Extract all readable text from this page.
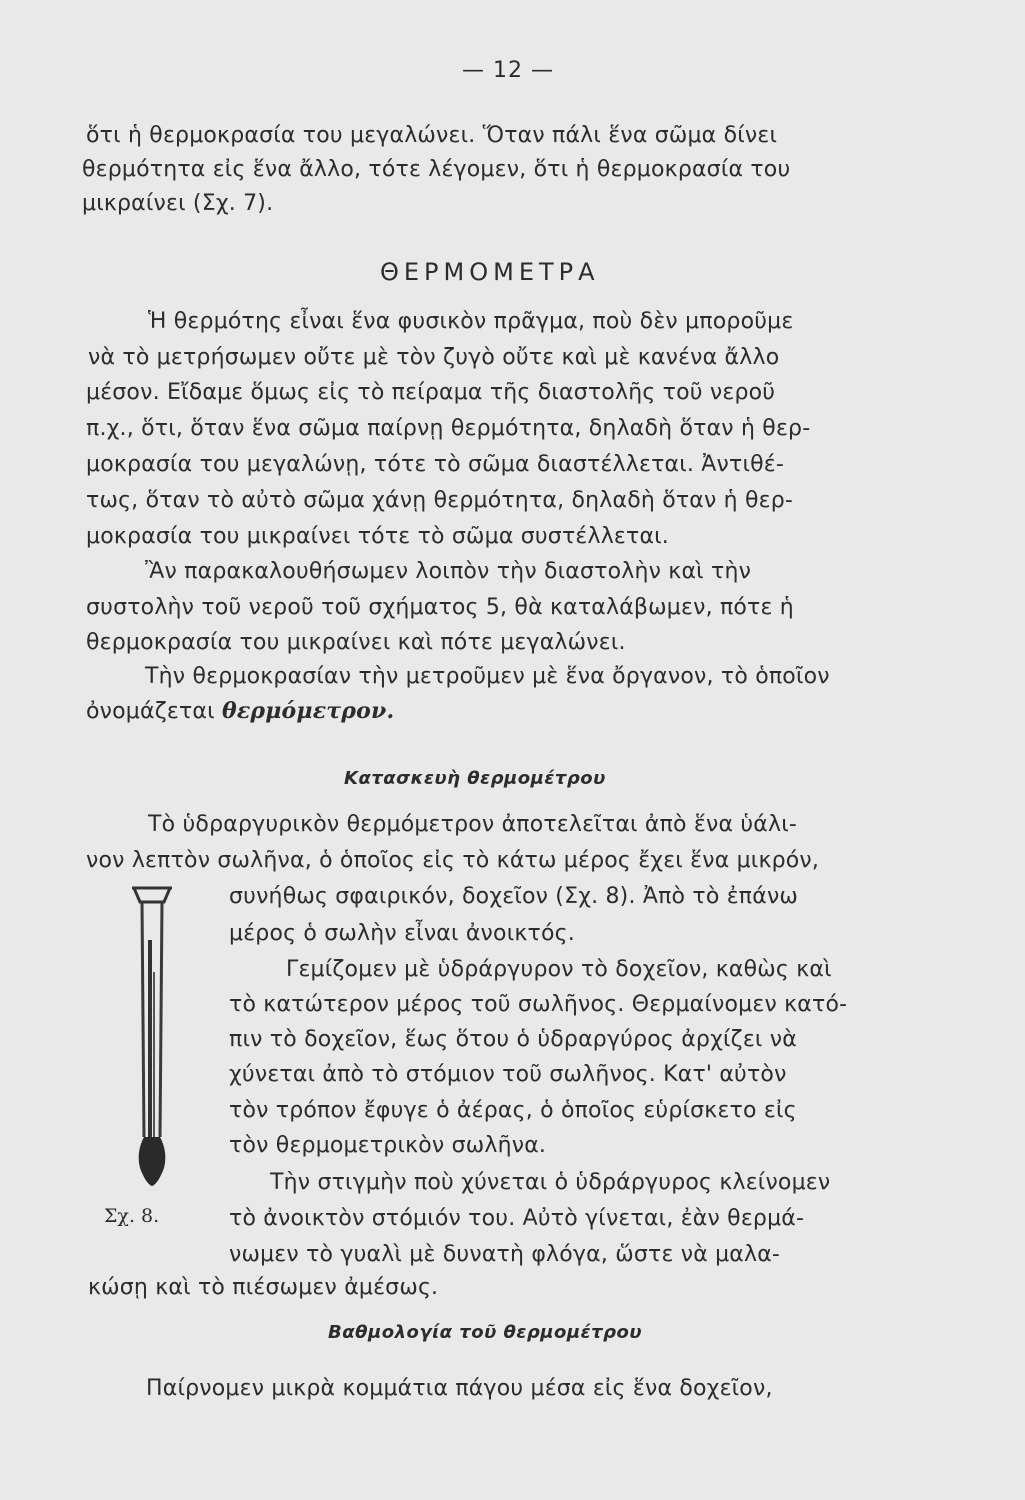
— 12 —
ὅτι ἡ θερμοκρασία του μεγαλώνει. Ὅταν πάλι ἕνα σῶμα δίνει
θερμότητα εἰς ἕνα ἄλλο, τότε λέγομεν, ὅτι ἡ θερμοκρασία του
μικραίνει (Σχ. 7).
ΘΕΡΜΟΜΕΤΡΑ
Ἡ θερμότης εἶναι ἕνα φυσικὸν πρᾶγμα, ποὺ δὲν μποροῦμε
νὰ τὸ μετρήσωμεν οὔτε μὲ τὸν ζυγὸ οὔτε καὶ μὲ κανένα ἄλλο
μέσον. Εἴδαμε ὅμως εἰς τὸ πείραμα τῆς διαστολῆς τοῦ νεροῦ
π.χ., ὅτι, ὅταν ἕνα σῶμα παίρνῃ θερμότητα, δηλαδὴ ὅταν ἡ θερ-
μοκρασία του μεγαλώνῃ, τότε τὸ σῶμα διαστέλλεται. Ἀντιθέ-
τως, ὅταν τὸ αὐτὸ σῶμα χάνῃ θερμότητα, δηλαδὴ ὅταν ἡ θερ-
μοκρασία του μικραίνει τότε τὸ σῶμα συστέλλεται.
Ἂν παρακαλουθήσωμεν λοιπὸν τὴν διαστολὴν καὶ τὴν
συστολὴν τοῦ νεροῦ τοῦ σχήματος 5, θὰ καταλάβωμεν, πότε ἡ
θερμοκρασία του μικραίνει καὶ πότε μεγαλώνει.
Τὴν θερμοκρασίαν τὴν μετροῦμεν μὲ ἕνα ὄργανον, τὸ ὁποῖον
ὀνομάζεται θερμόμετρον.
Κατασκευὴ θερμομέτρου
Τὸ ὑδραργυρικὸν θερμόμετρον ἀποτελεῖται ἀπὸ ἕνα ὑάλι-
νον λεπτὸν σωλῆνα, ὁ ὁποῖος εἰς τὸ κάτω μέρος ἔχει ἕνα μικρόν,
συνήθως σφαιρικόν, δοχεῖον (Σχ. 8). Ἀπὸ τὸ ἐπάνω
μέρος ὁ σωλὴν εἶναι ἀνοικτός.
Γεμίζομεν μὲ ὑδράργυρον τὸ δοχεῖον, καθὼς καὶ
τὸ κατώτερον μέρος τοῦ σωλῆνος. Θερμαίνομεν κατό-
πιν τὸ δοχεῖον, ἕως ὅτου ὁ ὑδραργύρος ἀρχίζει νὰ
χύνεται ἀπὸ τὸ στόμιον τοῦ σωλῆνος. Κατ' αὐτὸν
τὸν τρόπον ἔφυγε ὁ ἀέρας, ὁ ὁποῖος εὑρίσκετο εἰς
τὸν θερμομετρικὸν σωλῆνα.
Τὴν στιγμὴν ποὺ χύνεται ὁ ὑδράργυρος κλείνομεν
τὸ ἀνοικτὸν στόμιόν του. Αὐτὸ γίνεται, ἐὰν θερμά-
νωμεν τὸ γυαλὶ μὲ δυνατὴ φλόγα, ὥστε νὰ μαλα-
κώσῃ καὶ τὸ πιέσωμεν ἀμέσως.
Σχ. 8.
Βαθμολογία τοῦ θερμομέτρου
Παίρνομεν μικρὰ κομμάτια πάγου μέσα εἰς ἕνα δοχεῖον,
